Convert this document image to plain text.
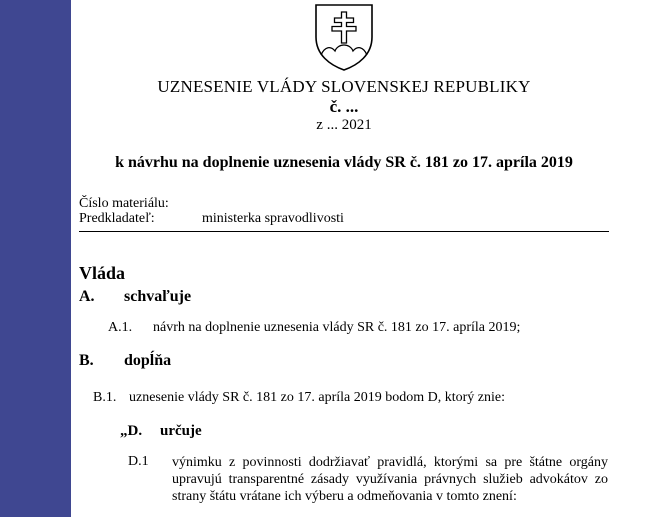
UZNESENIE VLÁDY SLOVENSKEJ REPUBLIKY
č. ...
z ... 2021
k návrhu na doplnenie uznesenia vlády SR č. 181 zo 17. apríla 2019
Číslo materiálu:
Predkladateľ:	ministerka spravodlivosti
Vláda
A. schvaľuje
A.1. návrh na doplnenie uznesenia vlády SR č. 181 zo 17. apríla 2019;
B. dopĺňa
B.1. uznesenie vlády SR č. 181 zo 17. apríla 2019 bodom D, ktorý znie:
„D. určuje
D.1 výnimku z povinnosti dodržiavať pravidlá, ktorými sa pre štátne orgány upravujú transparentné zásady využívania právnych služieb advokátov zo strany štátu vrátane ich výberu a odmeňovania v tomto znení:
